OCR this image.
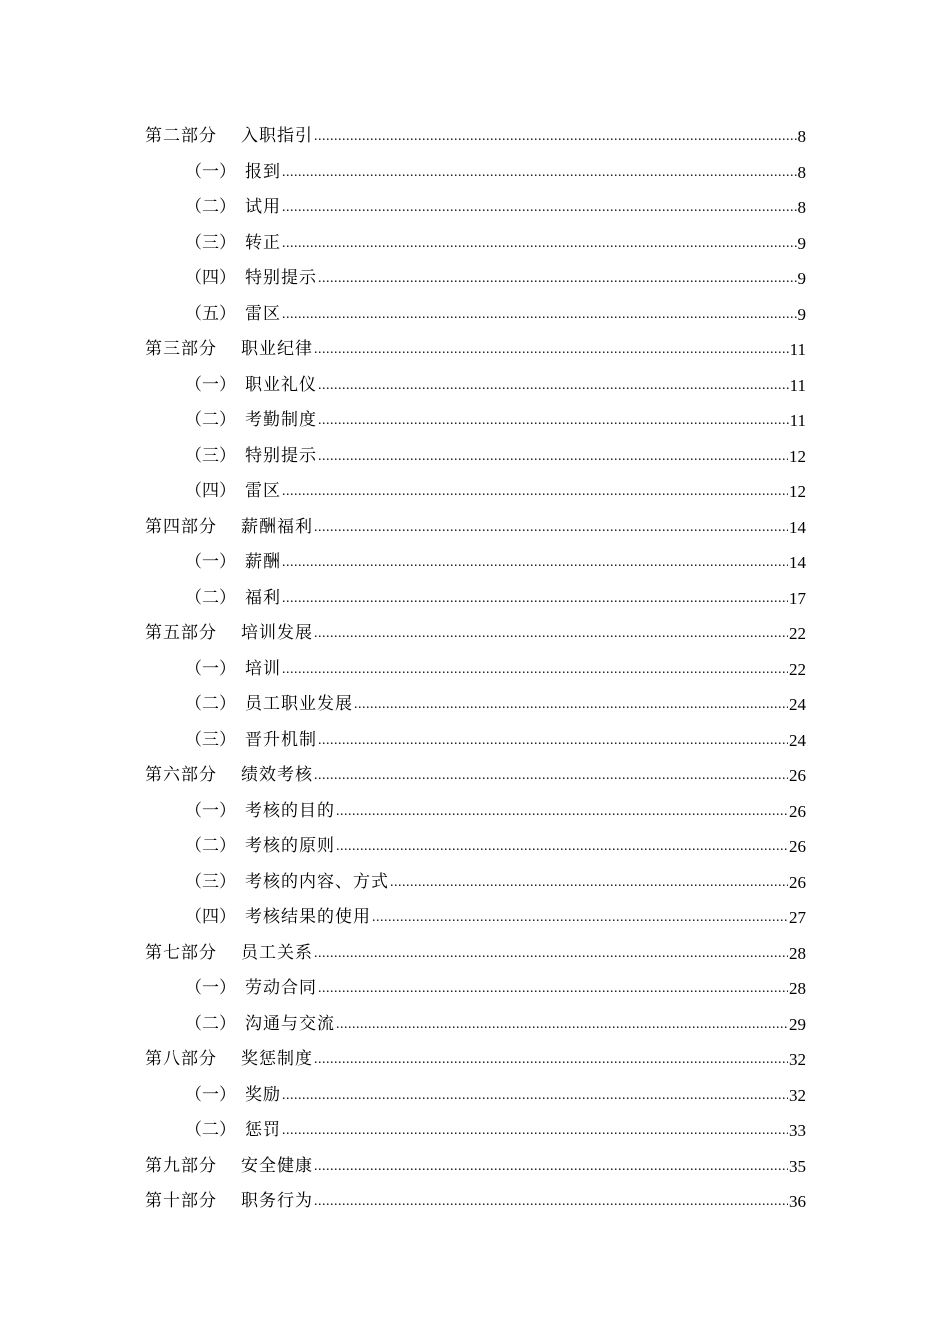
第二部分	入职指引 .....	8
（一） 报到 .....	8
（二） 试用 .....	8
（三） 转正 .....	9
（四） 特别提示 .....	9
（五） 雷区 .....	9
第三部分	职业纪律 .....	11
（一） 职业礼仪 .....	11
（二） 考勤制度 .....	11
（三） 特别提示 .....	12
（四） 雷区 .....	12
第四部分	薪酬福利 .....	14
（一） 薪酬 .....	14
（二） 福利 .....	17
第五部分	培训发展 .....	22
（一） 培训 .....	22
（二） 员工职业发展 .....	24
（三） 晋升机制 .....	24
第六部分	绩效考核 .....	26
（一） 考核的目的 .....	26
（二） 考核的原则 .....	26
（三） 考核的内容、方式 .....	26
（四） 考核结果的使用 .....	27
第七部分	员工关系 .....	28
（一） 劳动合同 .....	28
（二） 沟通与交流 .....	29
第八部分	奖惩制度 .....	32
（一） 奖励 .....	32
（二） 惩罚 .....	33
第九部分	安全健康 .....	35
第十部分	职务行为 .....	36
